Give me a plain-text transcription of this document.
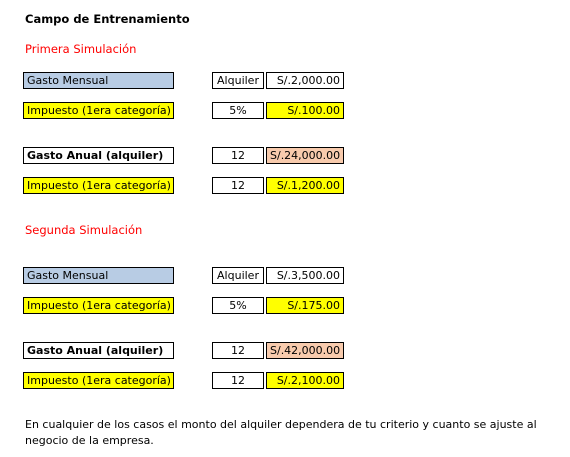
Campo de Entrenamiento
Primera Simulación
Gasto Mensual	Alquiler	S/.2,000.00
Impuesto (1era categoría)	5%	S/.100.00
Gasto Anual (alquiler)	12	S/.24,000.00
Impuesto (1era categoría)	12	S/.1,200.00
Segunda Simulación
Gasto Mensual	Alquiler	S/.3,500.00
Impuesto (1era categoría)	5%	S/.175.00
Gasto Anual (alquiler)	12	S/.42,000.00
Impuesto (1era categoría)	12	S/.2,100.00
En cualquier de los casos el monto del alquiler dependera de tu criterio y cuanto se ajuste al negocio de la empresa.
